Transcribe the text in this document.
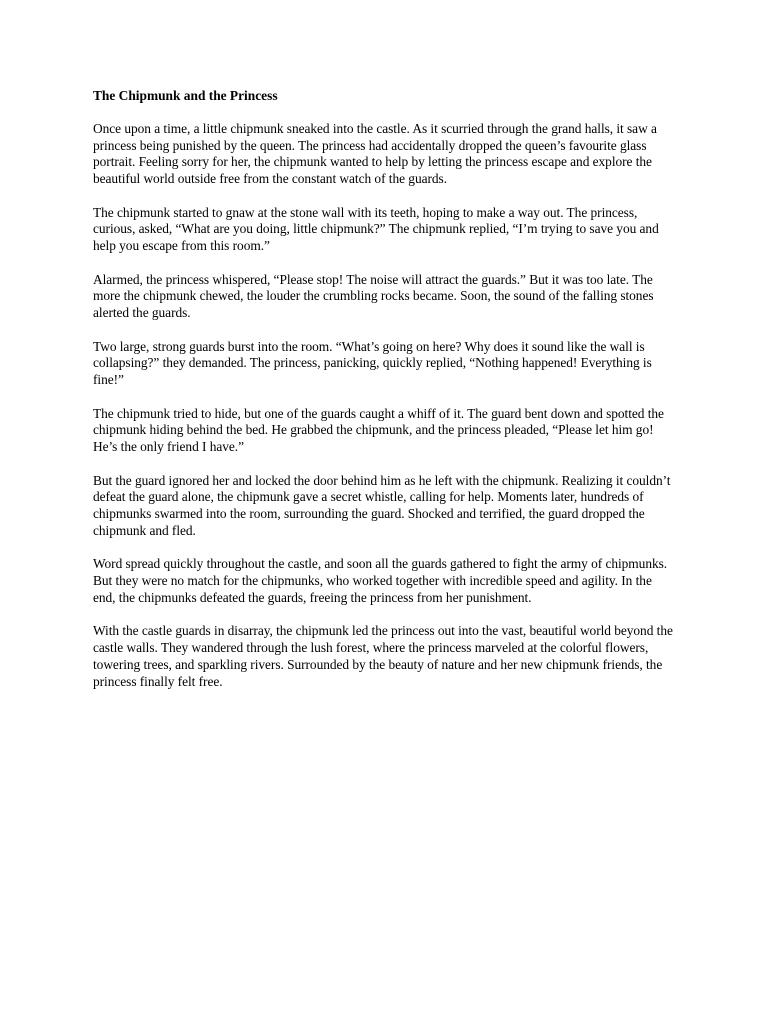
The Chipmunk and the Princess

Once upon a time, a little chipmunk sneaked into the castle. As it scurried through the grand halls, it saw a princess being punished by the queen. The princess had accidentally dropped the queen’s favourite glass portrait. Feeling sorry for her, the chipmunk wanted to help by letting the princess escape and explore the beautiful world outside free from the constant watch of the guards.

The chipmunk started to gnaw at the stone wall with its teeth, hoping to make a way out. The princess, curious, asked, “What are you doing, little chipmunk?” The chipmunk replied, “I’m trying to save you and help you escape from this room.”

Alarmed, the princess whispered, “Please stop! The noise will attract the guards.” But it was too late. The more the chipmunk chewed, the louder the crumbling rocks became. Soon, the sound of the falling stones alerted the guards.

Two large, strong guards burst into the room. “What’s going on here? Why does it sound like the wall is collapsing?” they demanded. The princess, panicking, quickly replied, “Nothing happened! Everything is fine!”

The chipmunk tried to hide, but one of the guards caught a whiff of it. The guard bent down and spotted the chipmunk hiding behind the bed. He grabbed the chipmunk, and the princess pleaded, “Please let him go! He’s the only friend I have.”

But the guard ignored her and locked the door behind him as he left with the chipmunk. Realizing it couldn’t defeat the guard alone, the chipmunk gave a secret whistle, calling for help. Moments later, hundreds of chipmunks swarmed into the room, surrounding the guard. Shocked and terrified, the guard dropped the chipmunk and fled.

Word spread quickly throughout the castle, and soon all the guards gathered to fight the army of chipmunks. But they were no match for the chipmunks, who worked together with incredible speed and agility. In the end, the chipmunks defeated the guards, freeing the princess from her punishment.

With the castle guards in disarray, the chipmunk led the princess out into the vast, beautiful world beyond the castle walls. They wandered through the lush forest, where the princess marveled at the colorful flowers, towering trees, and sparkling rivers. Surrounded by the beauty of nature and her new chipmunk friends, the princess finally felt free.
